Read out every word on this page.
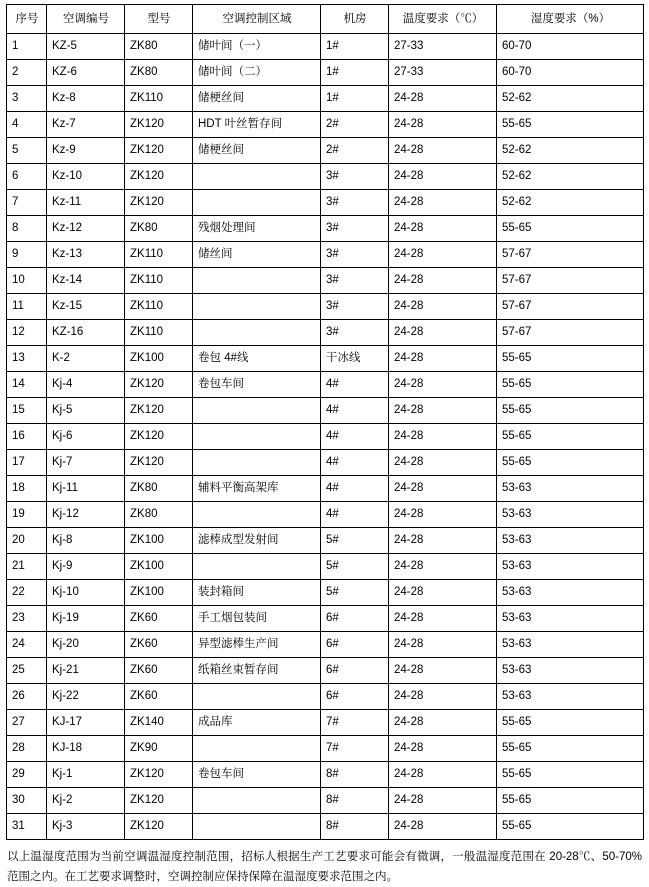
序号	空调编号	型号	空调控制区域	机房	温度要求（℃）	湿度要求（%）
1	KZ-5	ZK80	储叶间（一）	1#	27-33	60-70
2	KZ-6	ZK80	储叶间（二）	1#	27-33	60-70
3	Kz-8	ZK110	储梗丝间	1#	24-28	52-62
4	Kz-7	ZK120	HDT 叶丝暂存间	2#	24-28	55-65
5	Kz-9	ZK120	储梗丝间	2#	24-28	52-62
6	Kz-10	ZK120		3#	24-28	52-62
7	Kz-11	ZK120		3#	24-28	52-62
8	Kz-12	ZK80	残烟处理间	3#	24-28	55-65
9	Kz-13	ZK110	储丝间	3#	24-28	57-67
10	Kz-14	ZK110		3#	24-28	57-67
11	Kz-15	ZK110		3#	24-28	57-67
12	KZ-16	ZK110		3#	24-28	57-67
13	K-2	ZK100	卷包 4#线	干冰线	24-28	55-65
14	Kj-4	ZK120	卷包车间	4#	24-28	55-65
15	Kj-5	ZK120		4#	24-28	55-65
16	Kj-6	ZK120		4#	24-28	55-65
17	Kj-7	ZK120		4#	24-28	55-65
18	Kj-11	ZK80	辅料平衡高架库	4#	24-28	53-63
19	Kj-12	ZK80		4#	24-28	53-63
20	Kj-8	ZK100	滤棒成型发射间	5#	24-28	53-63
21	Kj-9	ZK100		5#	24-28	53-63
22	Kj-10	ZK100	装封箱间	5#	24-28	53-63
23	Kj-19	ZK60	手工烟包装间	6#	24-28	53-63
24	Kj-20	ZK60	异型滤棒生产间	6#	24-28	53-63
25	Kj-21	ZK60	纸箱丝束暂存间	6#	24-28	53-63
26	Kj-22	ZK60		6#	24-28	53-63
27	KJ-17	ZK140	成品库	7#	24-28	55-65
28	KJ-18	ZK90		7#	24-28	55-65
29	Kj-1	ZK120	卷包车间	8#	24-28	55-65
30	Kj-2	ZK120		8#	24-28	55-65
31	Kj-3	ZK120		8#	24-28	55-65

以上温湿度范围为当前空调温湿度控制范围，招标人根据生产工艺要求可能会有微调，一般温湿度范围在 20-28℃、50-70%范围之内。在工艺要求调整时，空调控制应保持保障在温湿度要求范围之内。
